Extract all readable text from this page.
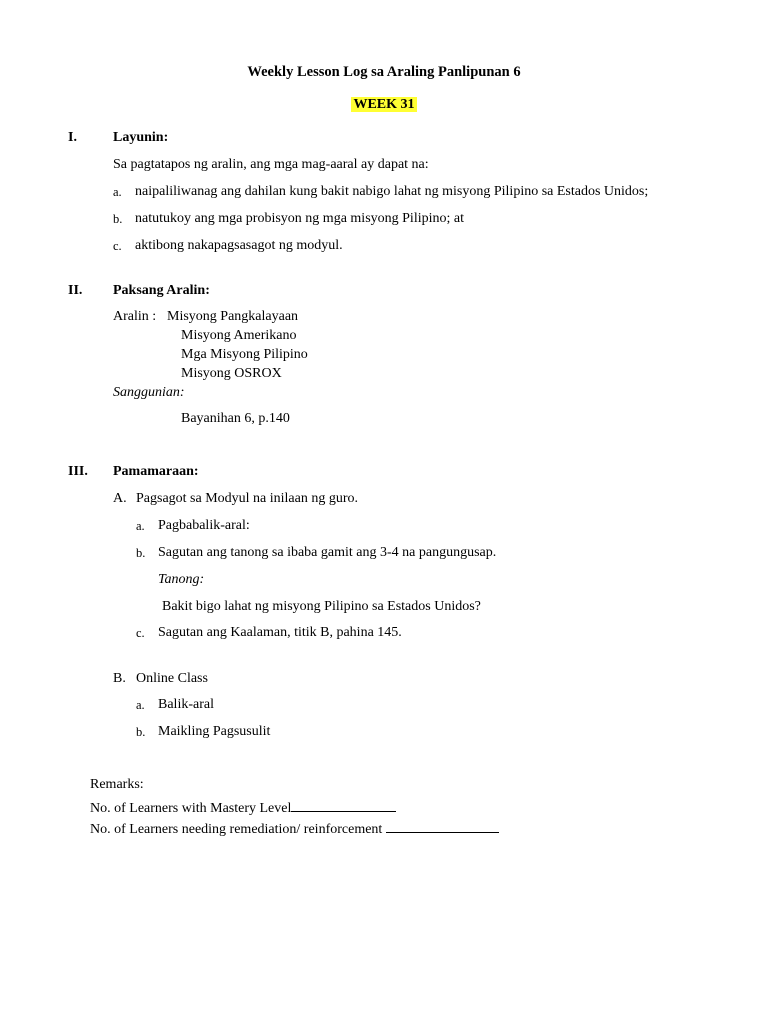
Weekly Lesson Log sa Araling Panlipunan 6
WEEK 31
I.	Layunin:
Sa pagtatapos ng aralin, ang mga mag-aaral ay dapat na:
a. naipaliliwanag ang dahilan kung bakit nabigo lahat ng misyong Pilipino sa Estados Unidos;
b. natutukoy ang mga probisyon ng mga misyong Pilipino; at
c. aktibong nakapagsasagot ng modyul.
II. Paksang Aralin:
Aralin : Misyong Pangkalayaan
Misyong Amerikano
Mga Misyong Pilipino
Misyong OSROX
Sanggunian:
Bayanihan 6, p.140
III. Pamamaraan:
A. Pagsagot sa Modyul na inilaan ng guro.
a. Pagbabalik-aral:
b. Sagutan ang tanong sa ibaba gamit ang 3-4 na pangungusap.
Tanong:
Bakit bigo lahat ng misyong Pilipino sa Estados Unidos?
c. Sagutan ang Kaalaman, titik B, pahina 145.
B. Online Class
a. Balik-aral
b. Maikling Pagsusulit
Remarks:
No. of Learners with Mastery Level
No. of Learners needing remediation/ reinforcement
